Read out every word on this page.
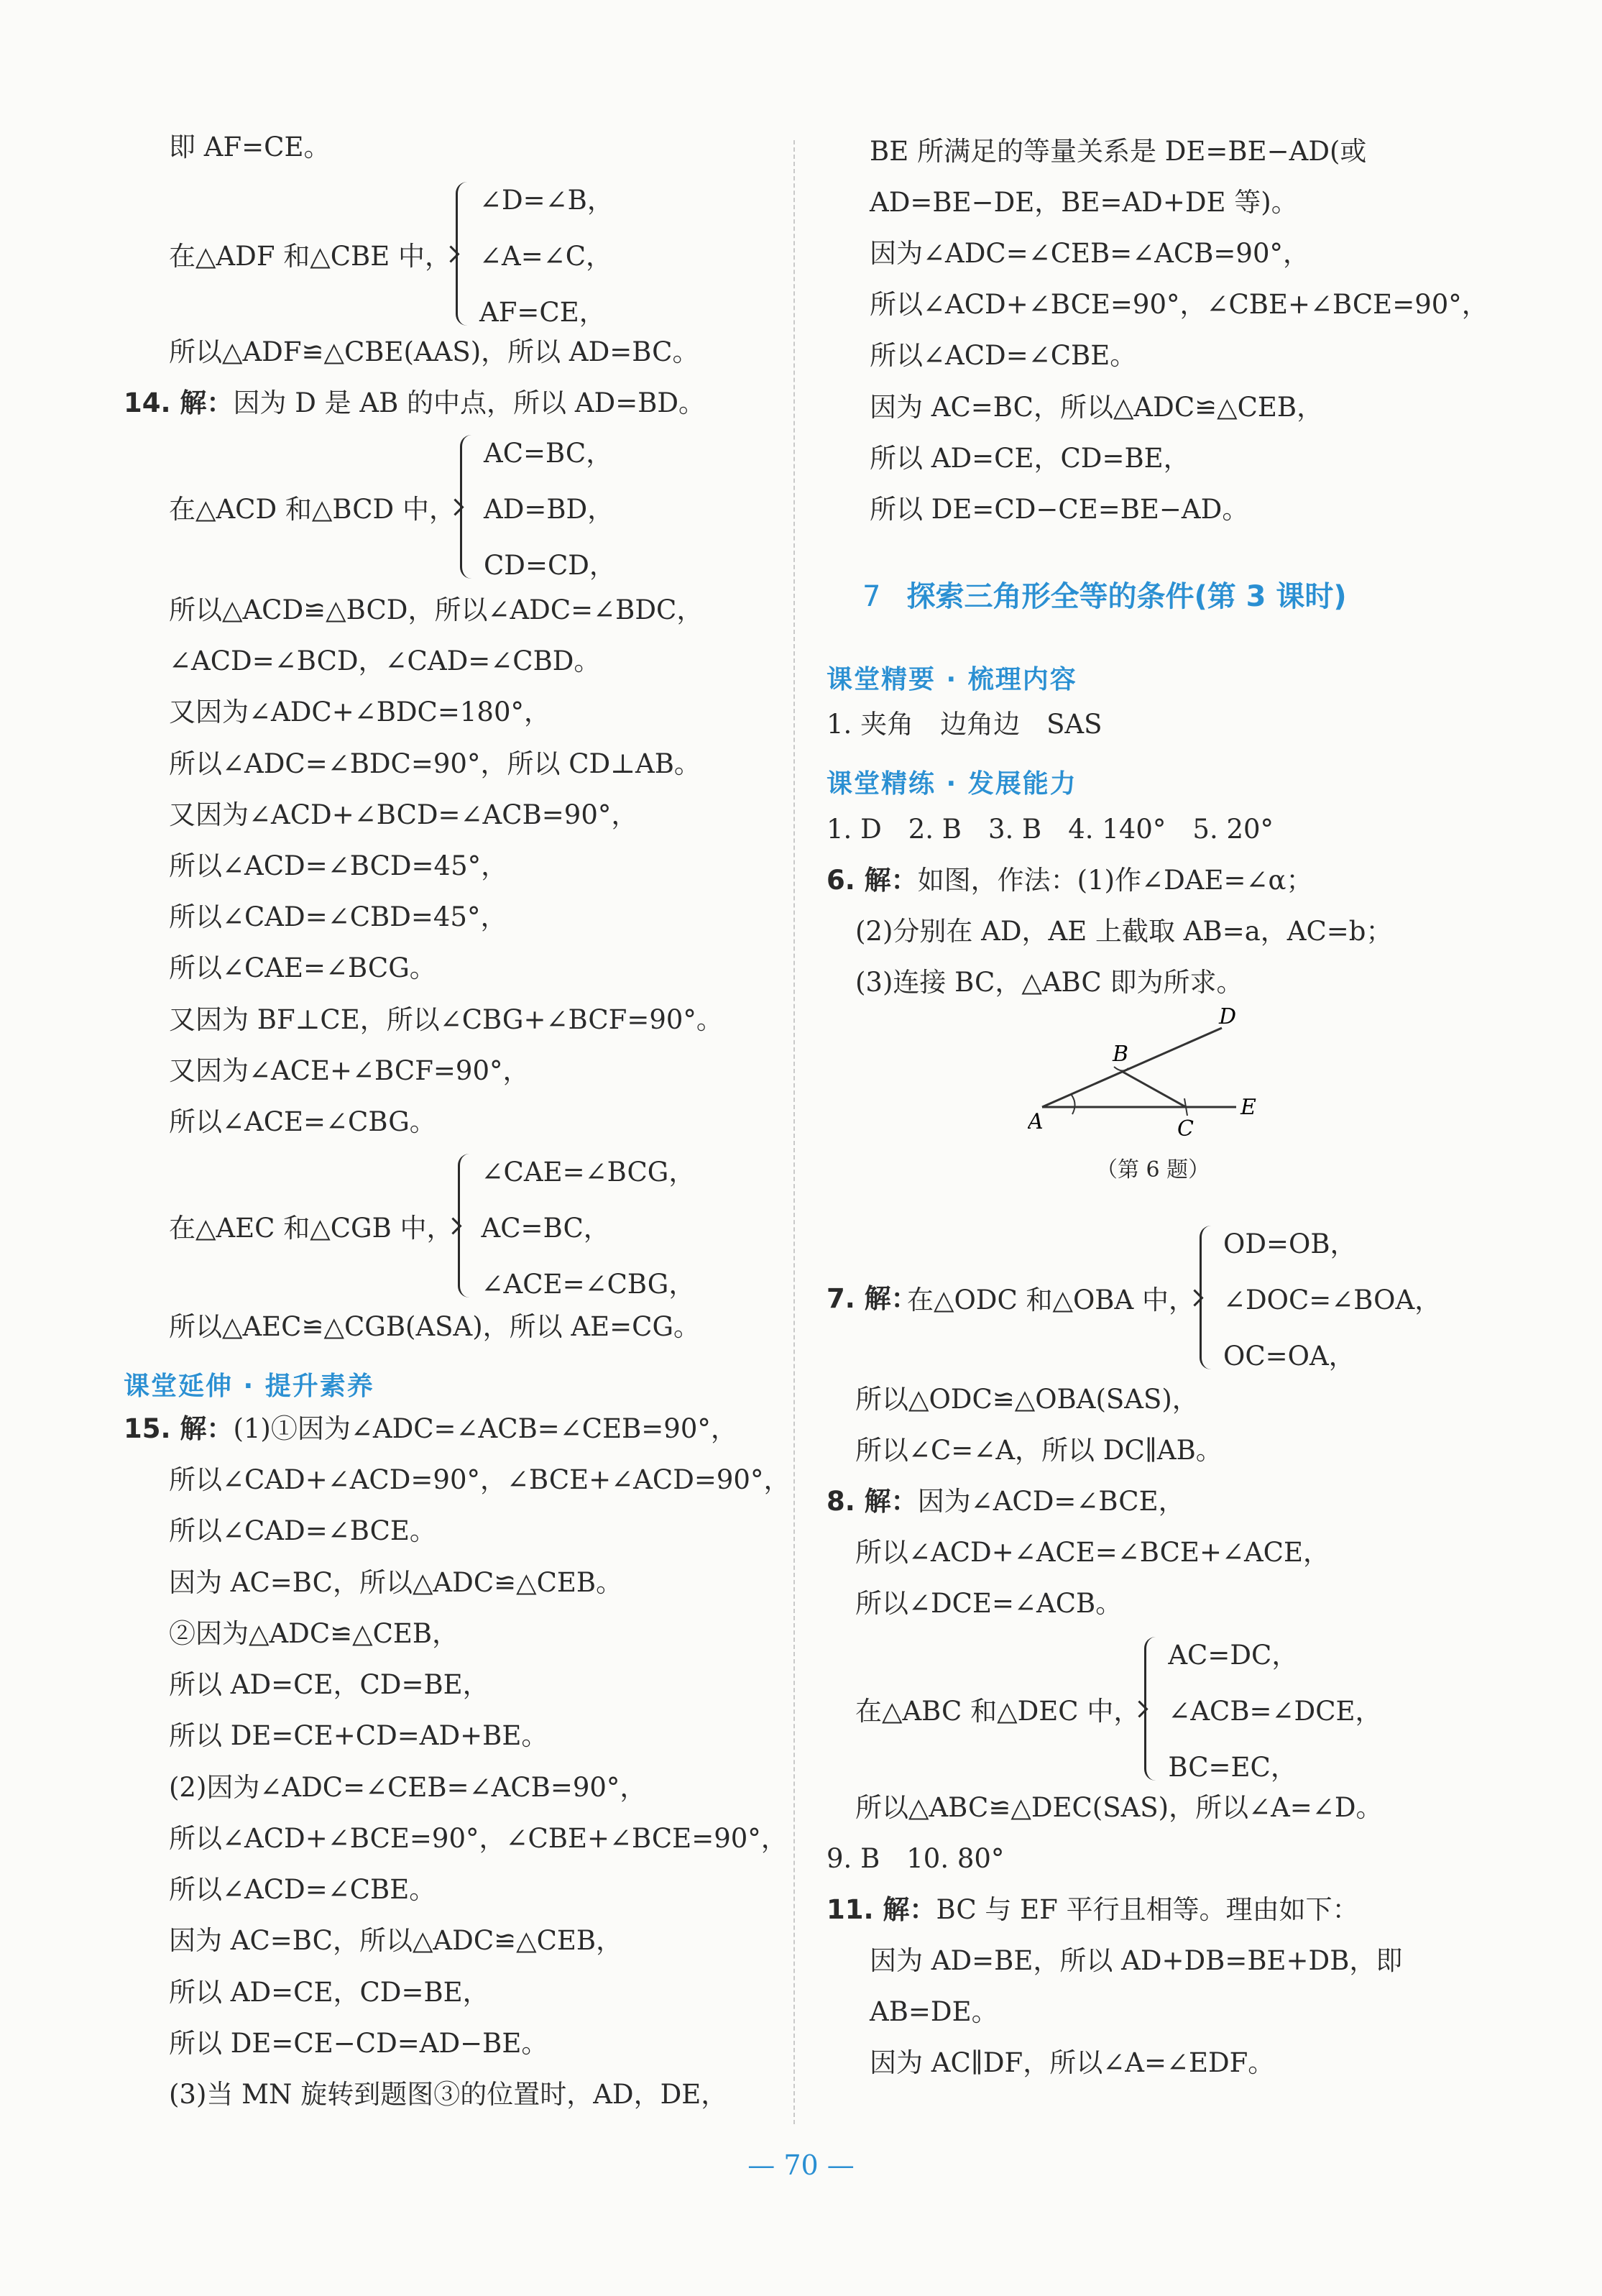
即 AF=CE。
在△ADF 和△CBE 中，
∠D=∠B，
∠A=∠C，
AF=CE，
所以△ADF≌△CBE(AAS)，所以 AD=BC。
14. 解：因为 D 是 AB 的中点，所以 AD=BD。
在△ACD 和△BCD 中，
AC=BC，
AD=BD，
CD=CD，
所以△ACD≌△BCD，所以∠ADC=∠BDC，
∠ACD=∠BCD，∠CAD=∠CBD。
又因为∠ADC+∠BDC=180°，
所以∠ADC=∠BDC=90°，所以 CD⊥AB。
又因为∠ACD+∠BCD=∠ACB=90°，
所以∠ACD=∠BCD=45°，
所以∠CAD=∠CBD=45°，
所以∠CAE=∠BCG。
又因为 BF⊥CE，所以∠CBG+∠BCF=90°。
又因为∠ACE+∠BCF=90°，
所以∠ACE=∠CBG。
在△AEC 和△CGB 中，
∠CAE=∠BCG，
AC=BC，
∠ACE=∠CBG，
所以△AEC≌△CGB(ASA)，所以 AE=CG。
课堂延伸 · 提升素养
15. 解：(1)①因为∠ADC=∠ACB=∠CEB=90°，
所以∠CAD+∠ACD=90°，∠BCE+∠ACD=90°，
所以∠CAD=∠BCE。
因为 AC=BC，所以△ADC≌△CEB。
②因为△ADC≌△CEB，
所以 AD=CE，CD=BE，
所以 DE=CE+CD=AD+BE。
(2)因为∠ADC=∠CEB=∠ACB=90°，
所以∠ACD+∠BCE=90°，∠CBE+∠BCE=90°，
所以∠ACD=∠CBE。
因为 AC=BC，所以△ADC≌△CEB，
所以 AD=CE，CD=BE，
所以 DE=CE−CD=AD−BE。
(3)当 MN 旋转到题图③的位置时，AD，DE，
BE 所满足的等量关系是 DE=BE−AD(或
AD=BE−DE，BE=AD+DE 等)。
因为∠ADC=∠CEB=∠ACB=90°，
所以∠ACD+∠BCE=90°，∠CBE+∠BCE=90°，
所以∠ACD=∠CBE。
因为 AC=BC，所以△ADC≌△CEB，
所以 AD=CE，CD=BE，
所以 DE=CD−CE=BE−AD。
7 探索三角形全等的条件(第 3 课时)
课堂精要 · 梳理内容
1. 夹角　边角边　SAS
课堂精练 · 发展能力
1. D　2. B　3. B　4. 140°　5. 20°
6. 解：如图，作法：(1)作∠DAE=∠α；
(2)分别在 AD，AE 上截取 AB=a，AC=b；
(3)连接 BC，△ABC 即为所求。
A
B
C
D
E
（第 6 题）
7. 解：
在△ODC 和△OBA 中，
OD=OB，
∠DOC=∠BOA，
OC=OA，
所以△ODC≌△OBA(SAS)，
所以∠C=∠A，所以 DC∥AB。
8. 解：因为∠ACD=∠BCE，
所以∠ACD+∠ACE=∠BCE+∠ACE，
所以∠DCE=∠ACB。
在△ABC 和△DEC 中，
AC=DC，
∠ACB=∠DCE，
BC=EC，
所以△ABC≌△DEC(SAS)，所以∠A=∠D。
9. B　10. 80°
11. 解：BC 与 EF 平行且相等。理由如下：
因为 AD=BE，所以 AD+DB=BE+DB，即
AB=DE。
因为 AC∥DF，所以∠A=∠EDF。
— 70 —
